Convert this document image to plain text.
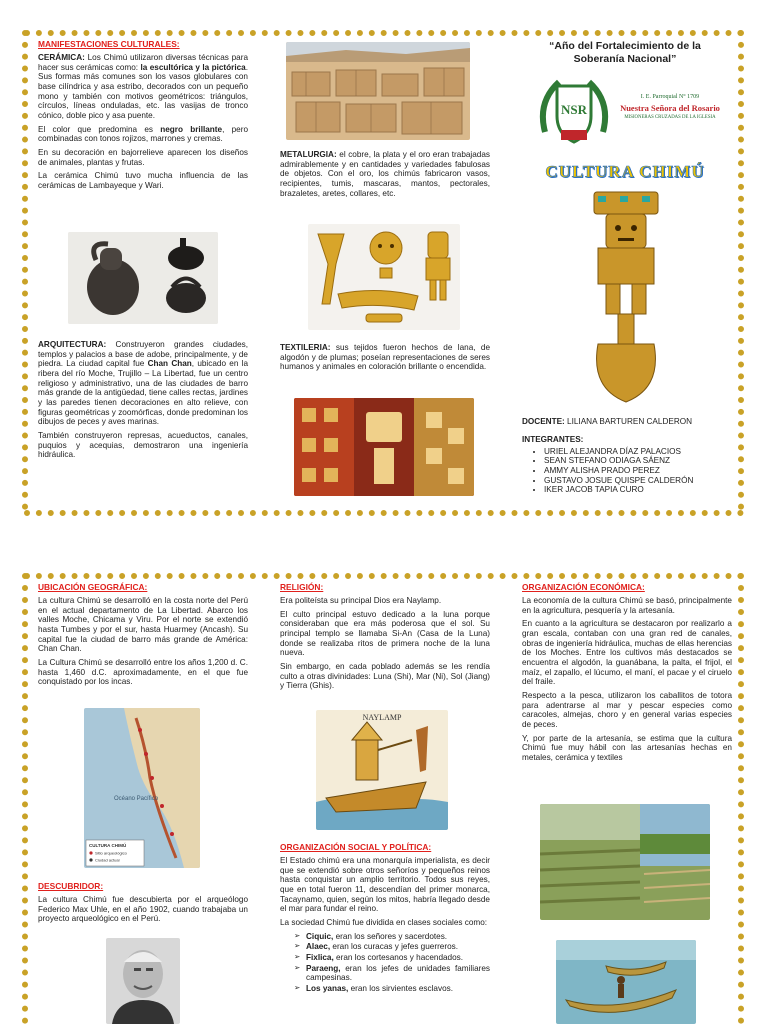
MANIFESTACIONES CULTURALES:

CERÁMICA: Los Chimú utilizaron diversas técnicas para hacer sus cerámicas como: la escultórica y la pictórica. Sus formas más comunes son los vasos globulares con base cilíndrica y asa estribo, decorados con un pequeño mono y también con motivos geométricos: triángulos, círculos, líneas onduladas, etc. las vasijas de tronco cónico, doble pico y asa puente.

El color que predomina es negro brillante, pero combinadas con tonos rojizos, marrones y cremas.

En su decoración en bajorrelieve aparecen los diseños de animales, plantas y frutas.

La cerámica Chimú tuvo mucha influencia de las cerámicas de Lambayeque y Wari.

ARQUITECTURA: Construyeron grandes ciudades, templos y palacios a base de adobe, principalmente, y de piedra. La ciudad capital fue Chan Chan, ubicado en la ribera del río Moche, Trujillo – La Libertad, fue un centro religioso y administrativo, una de las ciudades de barro más grande de la antigüedad, tiene calles rectas, jardines y las paredes tienen decoraciones en alto relieve, con figuras geométricas y zoomórficas, donde predominan los dibujos de peces y aves marinas.

También construyeron represas, acueductos, canales, puquios y acequias, demostraron una ingeniería hidráulica.

METALURGIA: el cobre, la plata y el oro eran trabajadas admirablemente y en cantidades y variedades fabulosas de objetos. Con el oro, los chimús fabricaron vasos, recipientes, tumis, mascaras, mantos, pectorales, brazaletes, aretes, collares, etc.

TEXTILERIA: sus tejidos fueron hechos de lana, de algodón y de plumas; poseían representaciones de seres humanos y animales en coloración brillante o encendida.

“Año del Fortalecimiento de la Soberanía Nacional”
NSR
I. E. Parroquial N° 1709
Nuestra Señora del Rosario
MISIONERAS CRUZADAS DE LA IGLESIA
CULTURA CHIMÚ
DOCENTE: LILIANA BARTUREN CALDERON
INTEGRANTES:
• URIEL ALEJANDRA DÍAZ PALACIOS
• SEAN STEFANO ODIAGA SÁENZ
• AMMY ALISHA PRADO PEREZ
• GUSTAVO JOSUE QUISPE CALDERÓN
• IKER JACOB TAPIA CURO
UBICACIÓN GEOGRÁFICA:

La cultura Chimú se desarrolló en la costa norte del Perú en el actual departamento de La Libertad. Abarco los valles Moche, Chicama y Viru. Por el norte se extendió hasta Tumbes y por el sur, hasta Huarmey (Ancash). Su capital fue la ciudad de barro más grande de América: Chan Chan.

La Cultura Chimú se desarrolló entre los años 1,200 d. C. hasta 1,460 d.C. aproximadamente, en el que fue conquistado por los incas.

Océano Pacífico
CULTURA CHIMÚ
Sitio arqueológico
Ciudad actual
DESCUBRIDOR:

La cultura Chimú fue descubierta por el arqueólogo Federico Max Uhle, en el año 1902, cuando trabajaba un proyecto arqueológico en el Perú.

RELIGIÓN:

Era politeísta su principal Dios era Naylamp.

El culto principal estuvo dedicado a la luna porque consideraban que era más poderosa que el sol. Su principal templo se llamaba Si-An (Casa de la Luna) donde se realizaba ritos de primera noche de la luna nueva.

Sin embargo, en cada poblado además se les rendía culto a otras divinidades: Luna (Shi), Mar (Ni), Sol (Jiang) y Tierra (Ghis).

NAYLAMP
ORGANIZACIÓN SOCIAL Y POLÍTICA:

El Estado chimú era una monarquía imperialista, es decir que se extendió sobre otros señoríos y pequeños reinos hasta conquistar un amplio territorio. Todos sus reyes, que en total fueron 11, descendían del primer monarca, Tacaynamo, quien, según los mitos, habría llegado desde el mar para fundar el reino.

La sociedad Chimú fue dividida en clases sociales como:

➢ Ciquic, eran los señores y sacerdotes.
➢ Alaec, eran los curacas y jefes guerreros.
➢ Fixlica, eran los cortesanos y hacendados.
➢ Paraeng, eran los jefes de unidades familiares campesinas.
➢ Los yanas, eran los sirvientes esclavos.
ORGANIZACIÓN ECONÓMICA:

La economía de la cultura Chimú se basó, principalmente en la agricultura, pesquería y la artesanía.

En cuanto a la agricultura se destacaron por realizarlo a gran escala, contaban con una gran red de canales, obras de ingeniería hidráulica, muchas de ellas herencias de los Moches. Entre los cultivos más destacados se encuentra el algodón, la guanábana, la palta, el frijol, el maíz, el zapallo, el lúcumo, el maní, el pacae y el ciruelo del fraile.

Respecto a la pesca, utilizaron los caballitos de totora para adentrarse al mar y pescar especies como caracoles, almejas, choro y en general varias especies de peces.

Y, por parte de la artesanía, se estima que la cultura Chimú fue muy hábil con las artesanías hechas en metales, cerámica y textiles
